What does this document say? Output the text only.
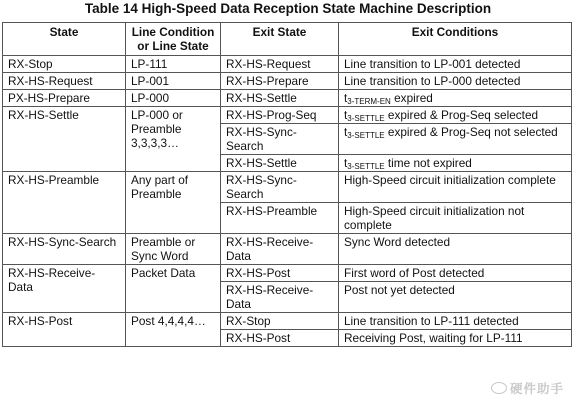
Table 14 High-Speed Data Reception State Machine Description
State	Line Condition or Line State	Exit State	Exit Conditions
RX-Stop	LP-111	RX-HS-Request	Line transition to LP-001 detected
RX-HS-Request	LP-001	RX-HS-Prepare	Line transition to LP-000 detected
PX-HS-Prepare	LP-000	RX-HS-Settle	$t_{3-TERM-EN}$ expired
RX-HS-Settle	LP-000 or Preamble 3,3,3,3…	RX-HS-Prog-Seq	$t_{3-SETTLE}$ expired & Prog-Seq selected
		RX-HS-Sync-Search	$t_{3-SETTLE}$ expired & Prog-Seq not selected
		RX-HS-Settle	$t_{3-SETTLE}$ time not expired
RX-HS-Preamble	Any part of Preamble	RX-HS-Sync-Search	High-Speed circuit initialization complete
		RX-HS-Preamble	High-Speed circuit initialization not complete
RX-HS-Sync-Search	Preamble or Sync Word	RX-HS-Receive-Data	Sync Word detected
RX-HS-Receive-Data	Packet Data	RX-HS-Post	First word of Post detected
		RX-HS-Receive-Data	Post not yet detected
RX-HS-Post	Post 4,4,4,4…	RX-Stop	Line transition to LP-111 detected
		RX-HS-Post	Receiving Post, waiting for LP-111
硬件助手
